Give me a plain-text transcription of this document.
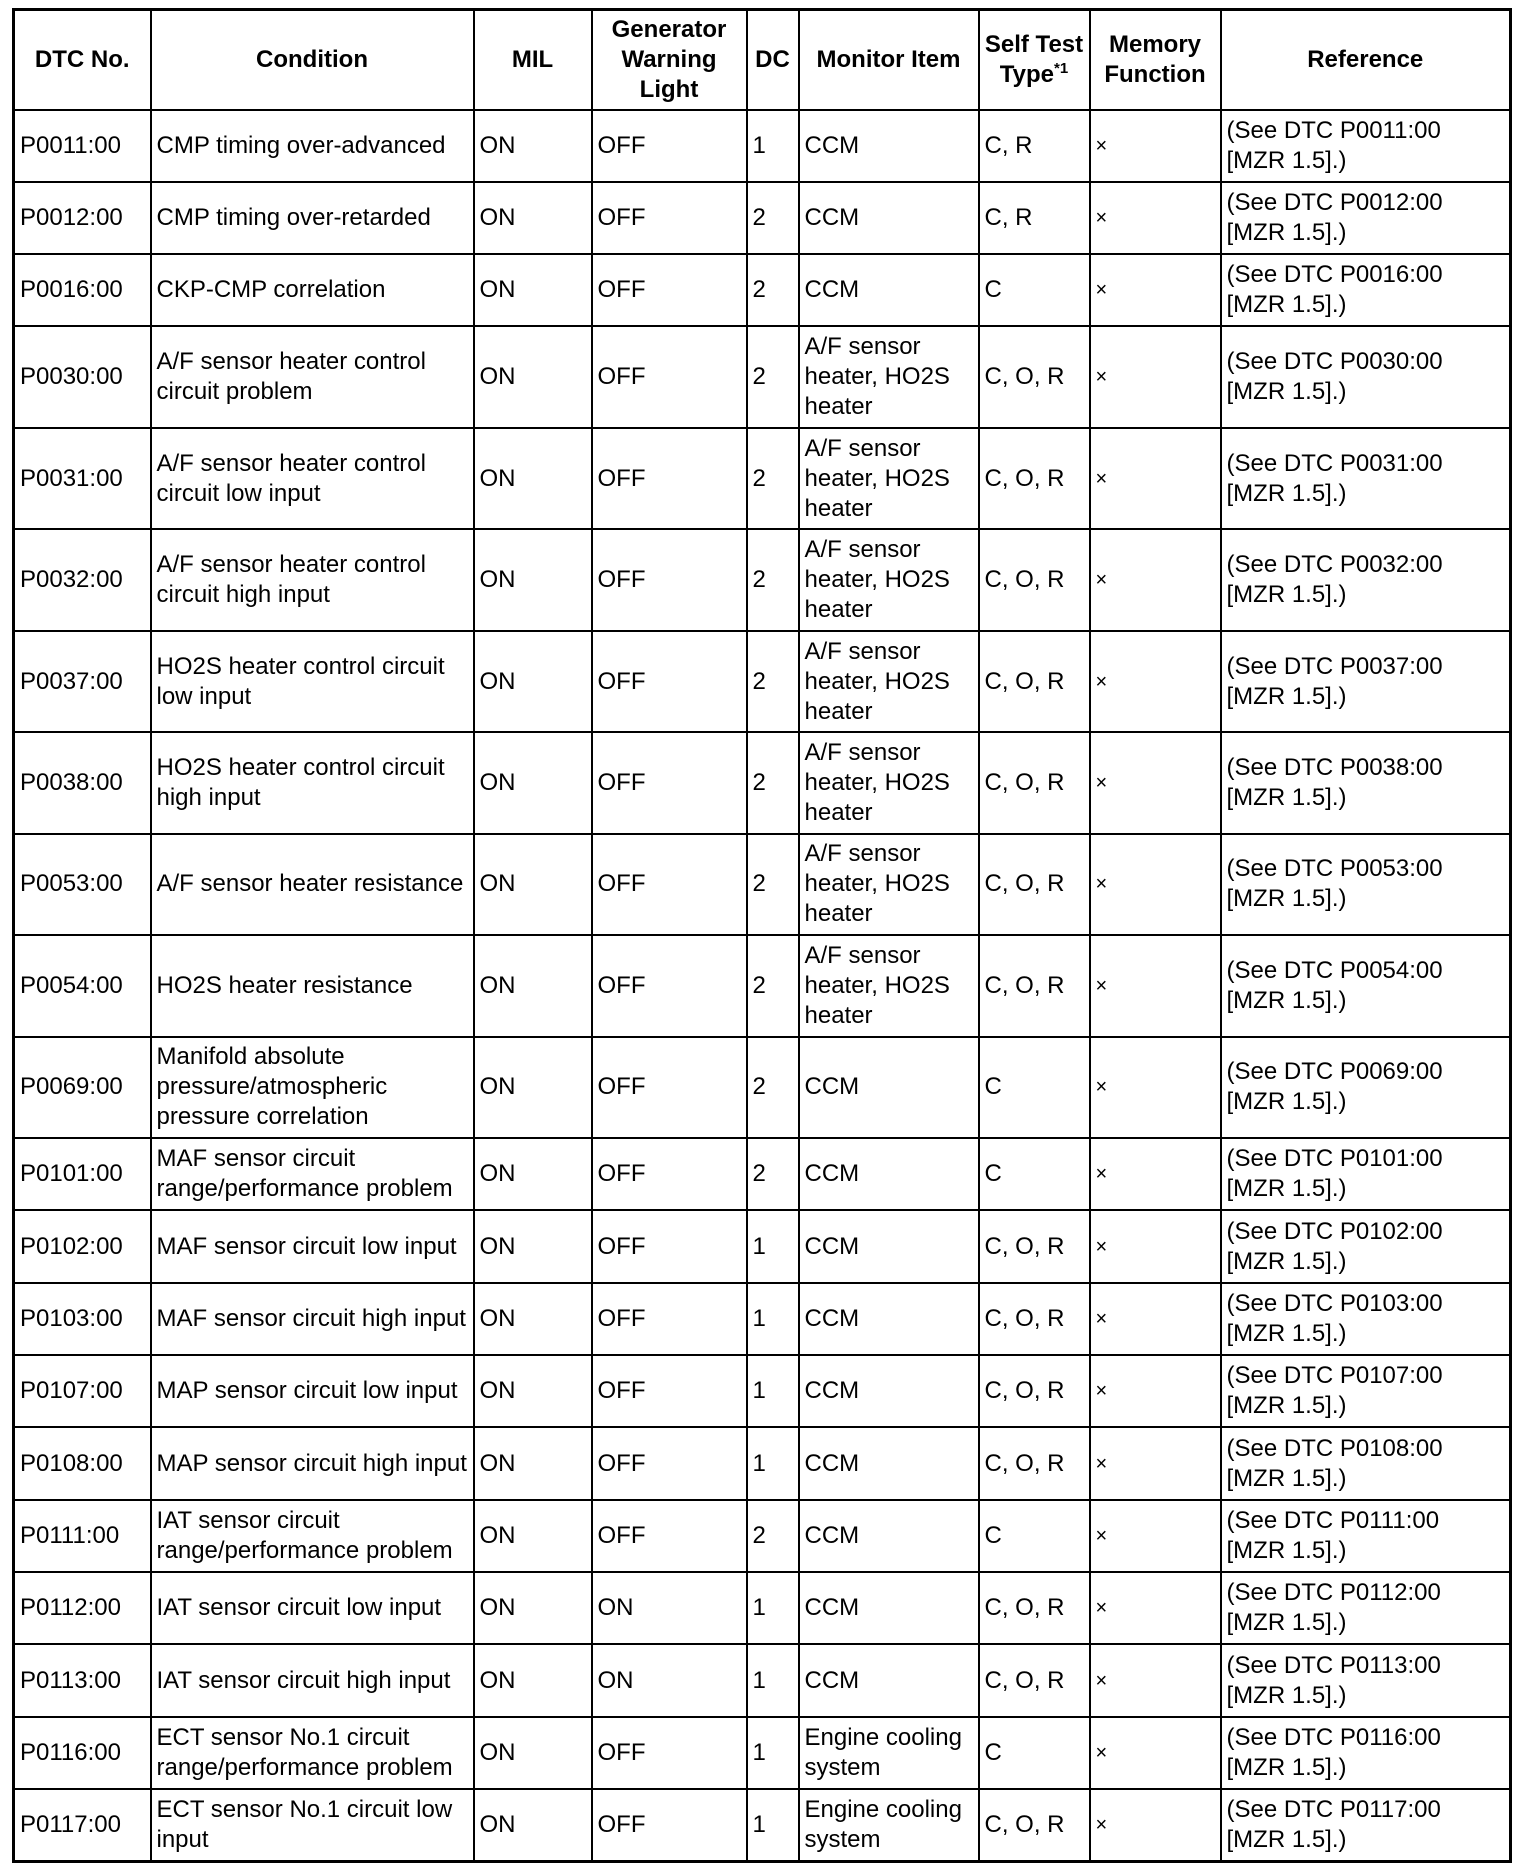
DTC No.	Condition	MIL	Generator Warning Light	DC	Monitor Item	Self Test Type$^{*1}$	Memory Function	Reference
P0011:00	CMP timing over-advanced	ON	OFF	1	CCM	C, R	×	(See DTC P0011:00 [MZR 1.5].)
P0012:00	CMP timing over-retarded	ON	OFF	2	CCM	C, R	×	(See DTC P0012:00 [MZR 1.5].)
P0016:00	CKP-CMP correlation	ON	OFF	2	CCM	C	×	(See DTC P0016:00 [MZR 1.5].)
P0030:00	A/F sensor heater control circuit problem	ON	OFF	2	A/F sensor heater, HO2S heater	C, O, R	×	(See DTC P0030:00 [MZR 1.5].)
P0031:00	A/F sensor heater control circuit low input	ON	OFF	2	A/F sensor heater, HO2S heater	C, O, R	×	(See DTC P0031:00 [MZR 1.5].)
P0032:00	A/F sensor heater control circuit high input	ON	OFF	2	A/F sensor heater, HO2S heater	C, O, R	×	(See DTC P0032:00 [MZR 1.5].)
P0037:00	HO2S heater control circuit low input	ON	OFF	2	A/F sensor heater, HO2S heater	C, O, R	×	(See DTC P0037:00 [MZR 1.5].)
P0038:00	HO2S heater control circuit high input	ON	OFF	2	A/F sensor heater, HO2S heater	C, O, R	×	(See DTC P0038:00 [MZR 1.5].)
P0053:00	A/F sensor heater resistance	ON	OFF	2	A/F sensor heater, HO2S heater	C, O, R	×	(See DTC P0053:00 [MZR 1.5].)
P0054:00	HO2S heater resistance	ON	OFF	2	A/F sensor heater, HO2S heater	C, O, R	×	(See DTC P0054:00 [MZR 1.5].)
P0069:00	Manifold absolute pressure/atmospheric pressure correlation	ON	OFF	2	CCM	C	×	(See DTC P0069:00 [MZR 1.5].)
P0101:00	MAF sensor circuit range/performance problem	ON	OFF	2	CCM	C	×	(See DTC P0101:00 [MZR 1.5].)
P0102:00	MAF sensor circuit low input	ON	OFF	1	CCM	C, O, R	×	(See DTC P0102:00 [MZR 1.5].)
P0103:00	MAF sensor circuit high input	ON	OFF	1	CCM	C, O, R	×	(See DTC P0103:00 [MZR 1.5].)
P0107:00	MAP sensor circuit low input	ON	OFF	1	CCM	C, O, R	×	(See DTC P0107:00 [MZR 1.5].)
P0108:00	MAP sensor circuit high input	ON	OFF	1	CCM	C, O, R	×	(See DTC P0108:00 [MZR 1.5].)
P0111:00	IAT sensor circuit range/performance problem	ON	OFF	2	CCM	C	×	(See DTC P0111:00 [MZR 1.5].)
P0112:00	IAT sensor circuit low input	ON	ON	1	CCM	C, O, R	×	(See DTC P0112:00 [MZR 1.5].)
P0113:00	IAT sensor circuit high input	ON	ON	1	CCM	C, O, R	×	(See DTC P0113:00 [MZR 1.5].)
P0116:00	ECT sensor No.1 circuit range/performance problem	ON	OFF	1	Engine cooling system	C	×	(See DTC P0116:00 [MZR 1.5].)
P0117:00	ECT sensor No.1 circuit low input	ON	OFF	1	Engine cooling system	C, O, R	×	(See DTC P0117:00 [MZR 1.5].)
